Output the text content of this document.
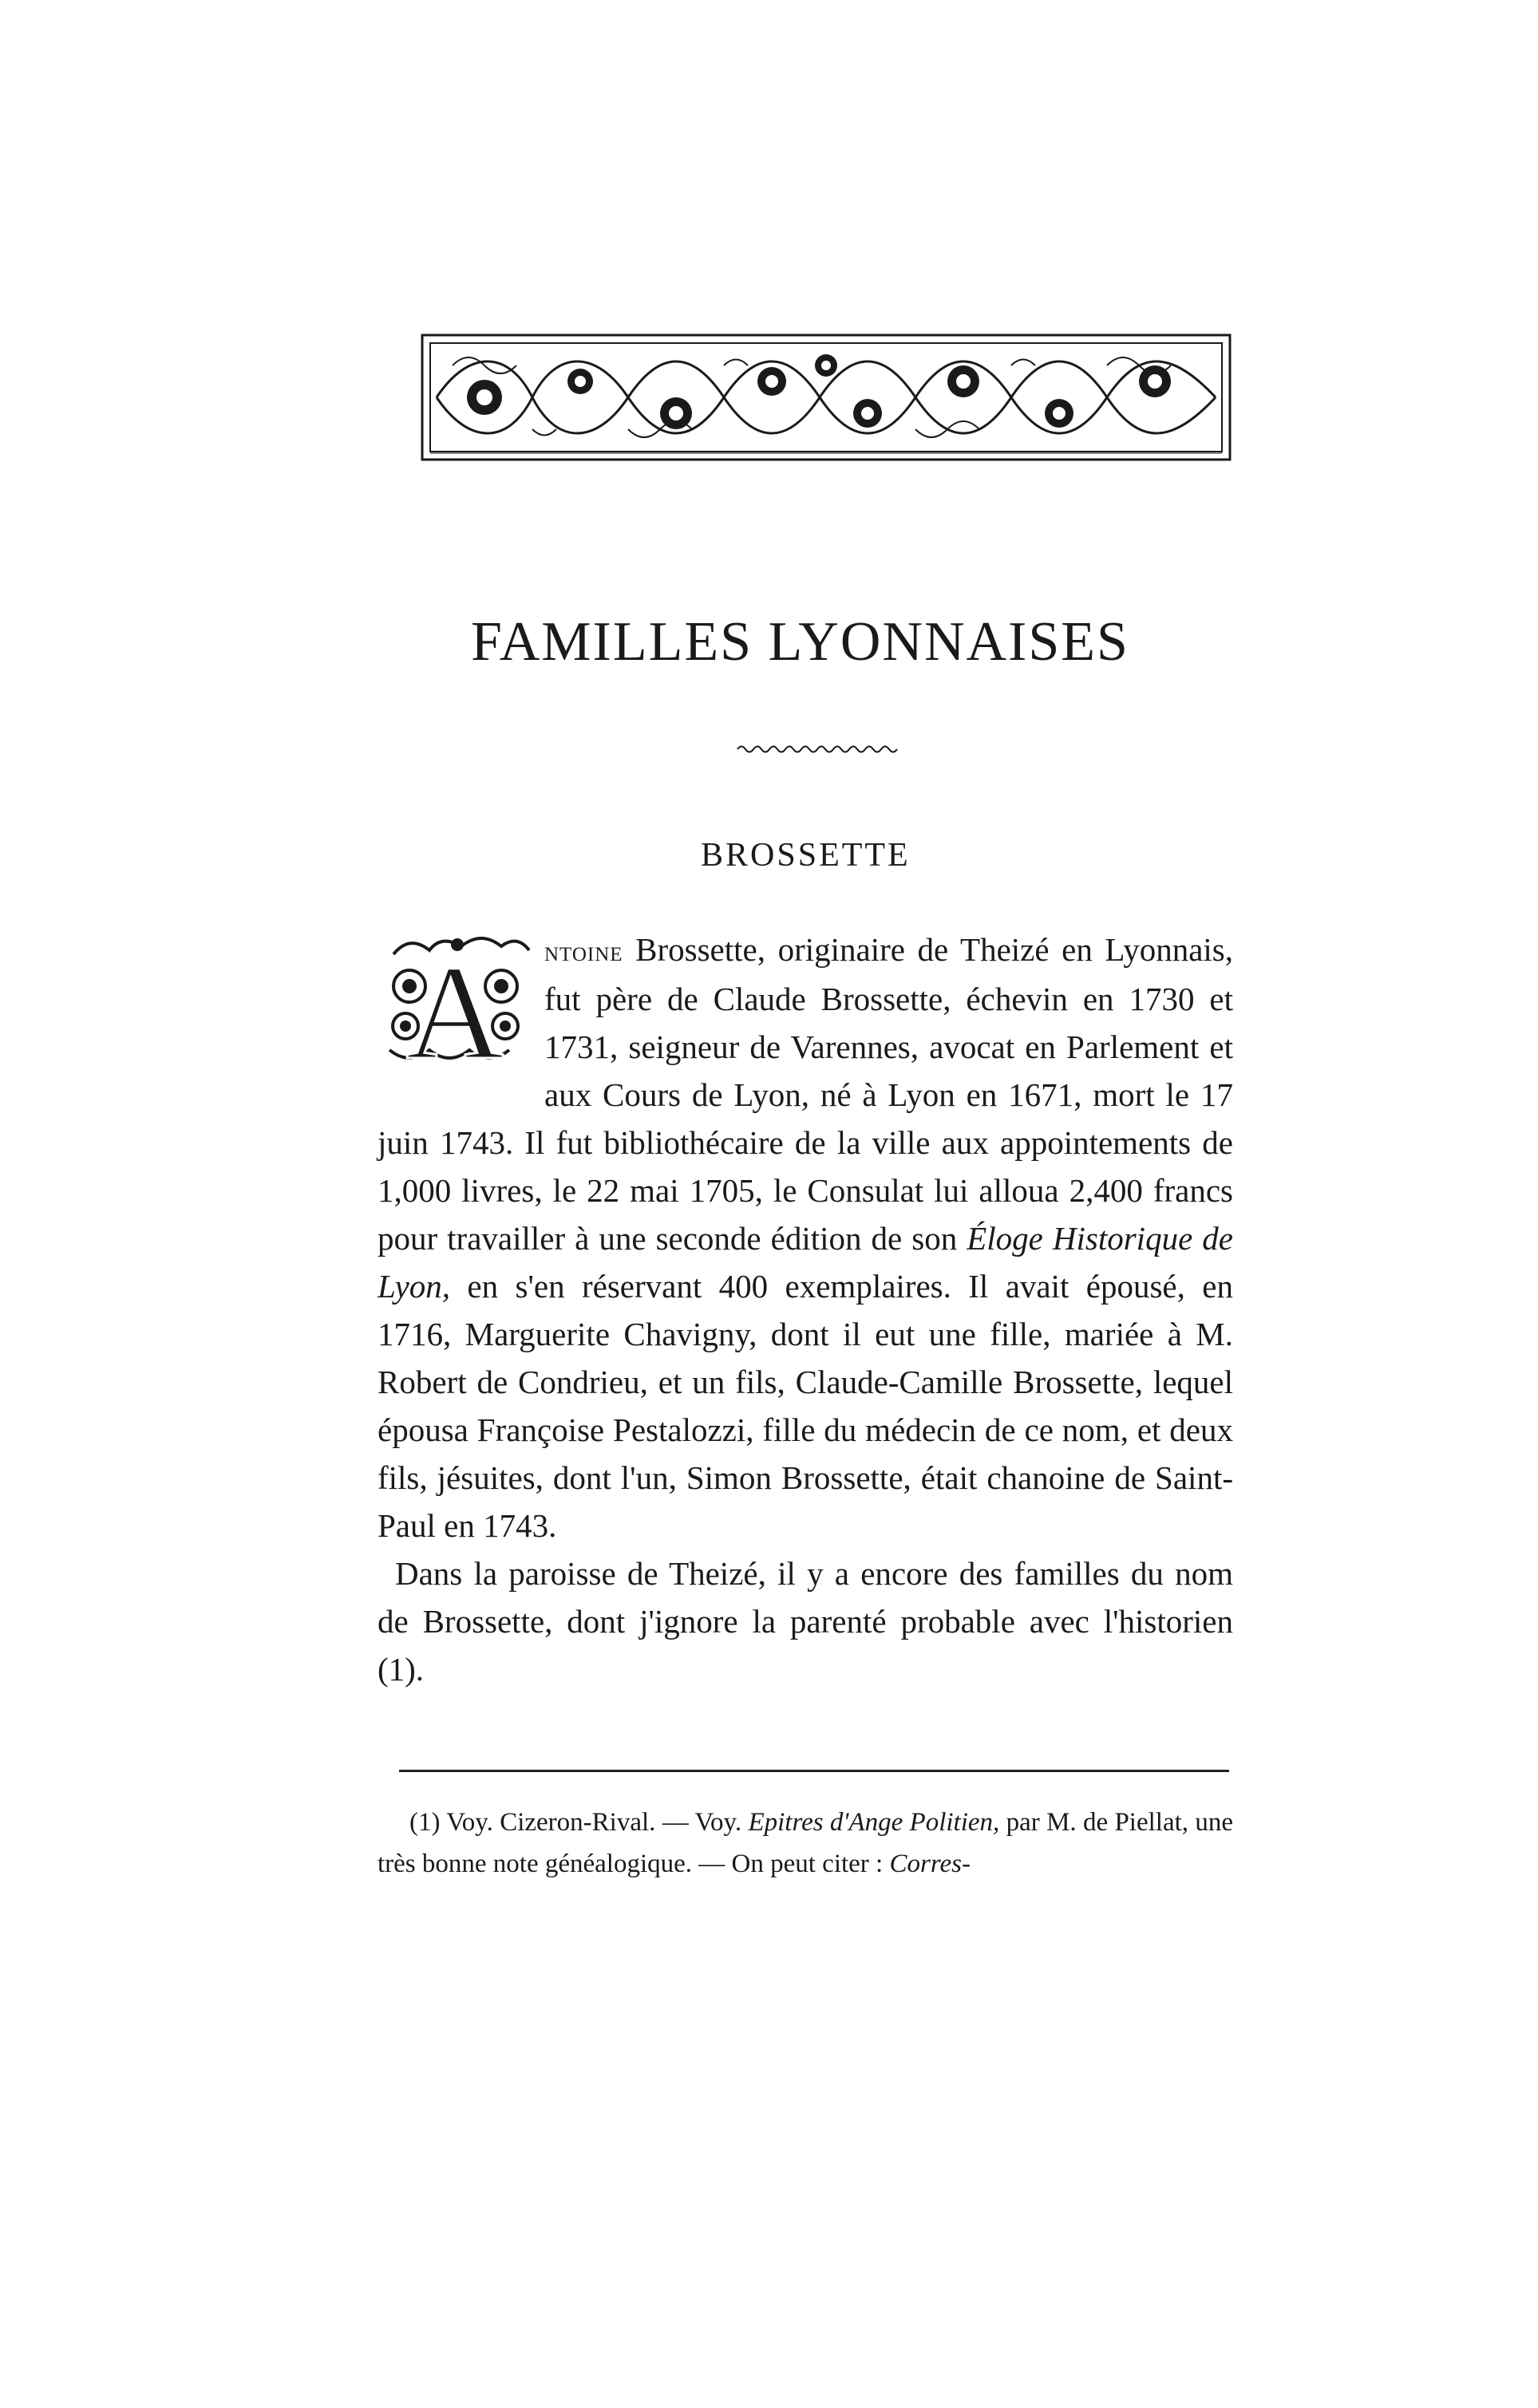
FAMILLES LYONNAISES
BROSSETTE

A ntoine Brossette, originaire de Theizé en Lyonnais, fut père de Claude Brossette, échevin en 1730 et 1731, seigneur de Varennes, avocat en Parlement et aux Cours de Lyon, né à Lyon en 1671, mort le 17 juin 1743. Il fut bibliothécaire de la ville aux appointements de 1,000 livres, le 22 mai 1705, le Consulat lui alloua 2,400 francs pour travailler à une seconde édition de son Éloge Historique de Lyon, en s'en réservant 400 exemplaires. Il avait épousé, en 1716, Marguerite Chavigny, dont il eut une fille, mariée à M. Robert de Condrieu, et un fils, Claude-Camille Brossette, lequel épousa Françoise Pestalozzi, fille du médecin de ce nom, et deux fils, jésuites, dont l'un, Simon Brossette, était chanoine de Saint-Paul en 1743.

Dans la paroisse de Theizé, il y a encore des familles du nom de Brossette, dont j'ignore la parenté probable avec l'historien (1).

(1) Voy. Cizeron-Rival. — Voy. Epitres d'Ange Politien, par M. de Piellat, une très bonne note généalogique. — On peut citer : Corres-
